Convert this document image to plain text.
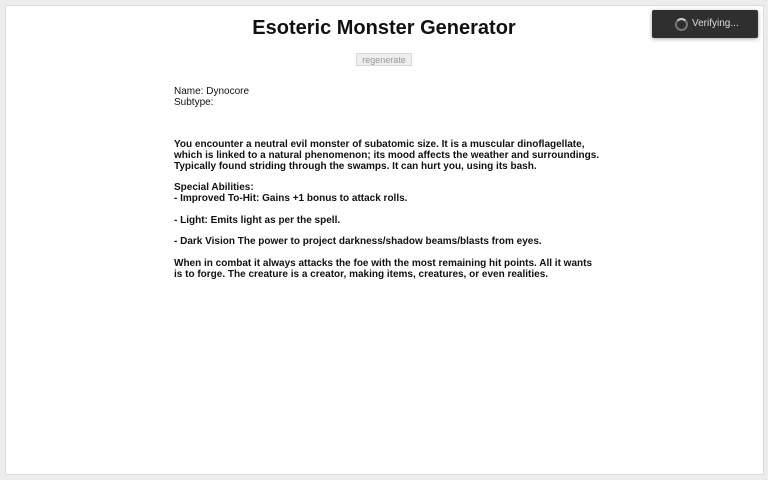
Esoteric Monster Generator
regenerate
Name: Dynocore
Subtype:

You encounter a neutral evil monster of subatomic size. It is a muscular dinoflagellate, which is linked to a natural phenomenon; its mood affects the weather and surroundings. Typically found striding through the swamps. It can hurt you, using its bash.

Special Abilities:

- Improved To-Hit: Gains +1 bonus to attack rolls.

- Light: Emits light as per the spell.

- Dark Vision The power to project darkness/shadow beams/blasts from eyes.

When in combat it always attacks the foe with the most remaining hit points. All it wants is to forge. The creature is a creator, making items, creatures, or even realities.

Verifying...
